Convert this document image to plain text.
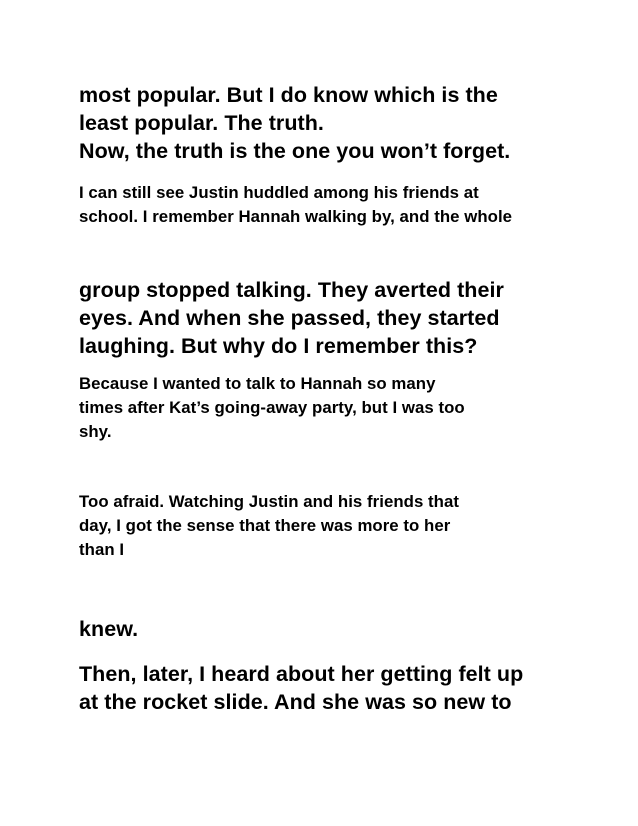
most popular. But I do know which is the
least popular. The truth.
Now, the truth is the one you won’t forget.

I can still see Justin huddled among his friends at
school. I remember Hannah walking by, and the whole

group stopped talking. They averted their
eyes. And when she passed, they started
laughing. But why do I remember this?

Because I wanted to talk to Hannah so many
times after Kat’s going-away party, but I was too
shy.

Too afraid. Watching Justin and his friends that
day, I got the sense that there was more to her
than I

knew.

Then, later, I heard about her getting felt up
at the rocket slide. And she was so new to
